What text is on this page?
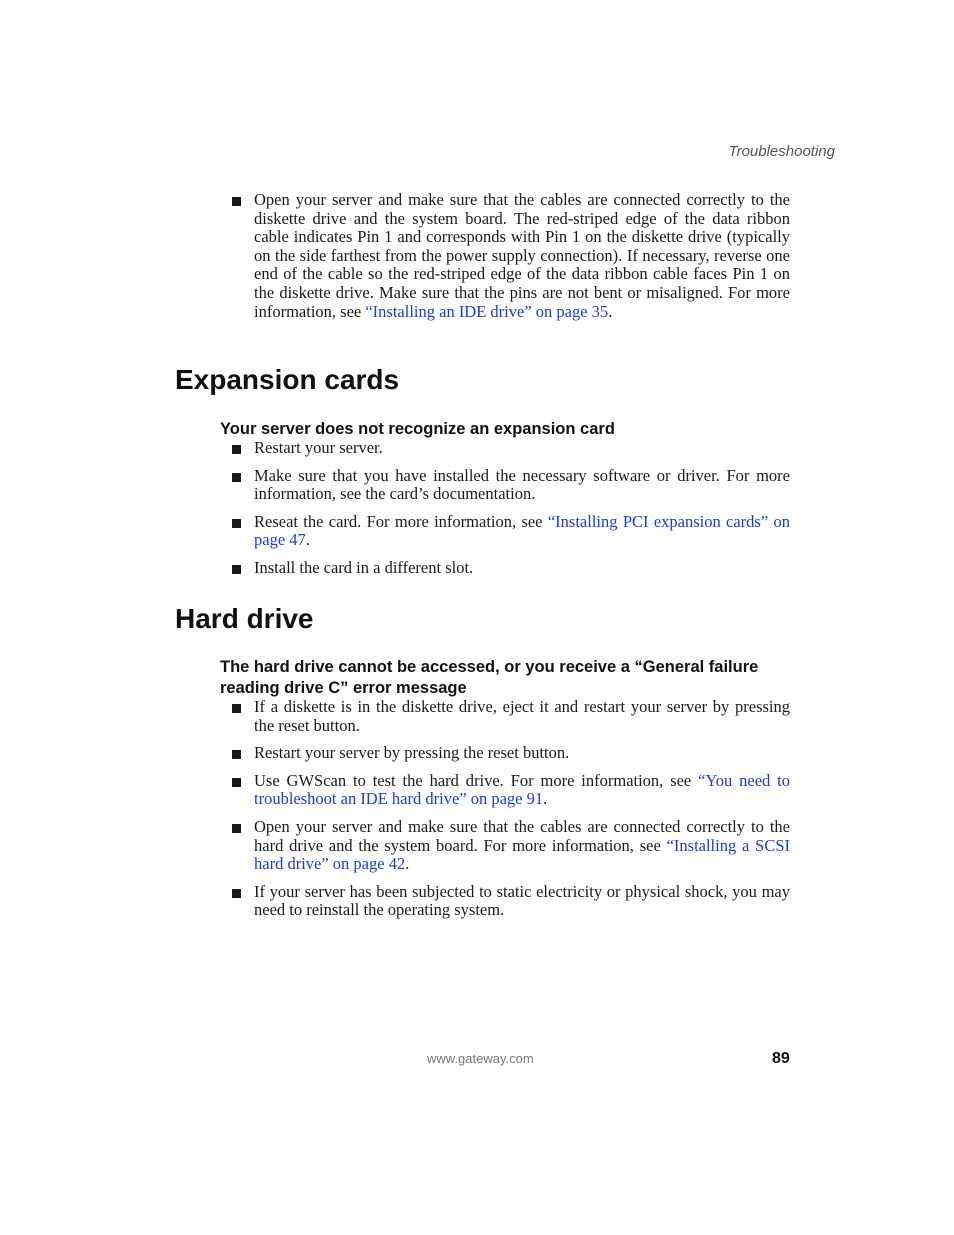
Troubleshooting
Open your server and make sure that the cables are connected correctly to the diskette drive and the system board. The red-striped edge of the data ribbon cable indicates Pin 1 and corresponds with Pin 1 on the diskette drive (typically on the side farthest from the power supply connection). If necessary, reverse one end of the cable so the red-striped edge of the data ribbon cable faces Pin 1 on the diskette drive. Make sure that the pins are not bent or misaligned. For more information, see “Installing an IDE drive” on page 35.
Expansion cards
Your server does not recognize an expansion card
Restart your server.
Make sure that you have installed the necessary software or driver. For more information, see the card’s documentation.
Reseat the card. For more information, see “Installing PCI expansion cards” on page 47.
Install the card in a different slot.
Hard drive
The hard drive cannot be accessed, or you receive a “General failure reading drive C” error message
If a diskette is in the diskette drive, eject it and restart your server by pressing the reset button.
Restart your server by pressing the reset button.
Use GWScan to test the hard drive. For more information, see “You need to troubleshoot an IDE hard drive” on page 91.
Open your server and make sure that the cables are connected correctly to the hard drive and the system board. For more information, see “Installing a SCSI hard drive” on page 42.
If your server has been subjected to static electricity or physical shock, you may need to reinstall the operating system.
www.gateway.com	89
